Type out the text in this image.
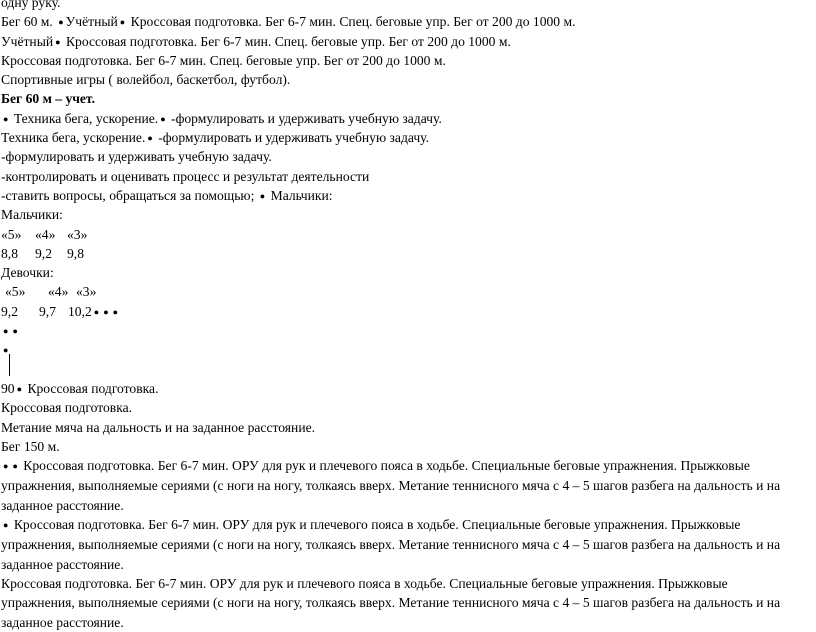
одну руку.

Бег 60 м. ● Учётный ● Кроссовая подготовка. Бег 6-7 мин. Спец. беговые упр. Бег от 200 до 1000 м.

Учётный ● Кроссовая подготовка. Бег 6-7 мин. Спец. беговые упр. Бег от 200 до 1000 м.

Кроссовая подготовка. Бег 6-7 мин. Спец. беговые упр. Бег от 200 до 1000 м.

Спортивные игры ( волейбол, баскетбол, футбол).

Бег 60 м – учет.

● Техника бега, ускорение. ● -формулировать и удерживать учебную задачу.

Техника бега, ускорение. ● -формулировать и удерживать учебную задачу.

-формулировать и удерживать учебную задачу.

-контролировать и оценивать процесс и результат деятельности

-ставить вопросы, обращаться за помощью; ● Мальчики:

Мальчики:

«5» «4» «3»

8,8 9,2 9,8

Девочки:

«5» «4» «3»

9,2 9,7 10,2 ● ● ●

● ●

●

90 ● Кроссовая подготовка.

Кроссовая подготовка.

Метание мяча на дальность и на заданное расстояние.

Бег 150 м.

● ● Кроссовая подготовка. Бег 6-7 мин. ОРУ для рук и плечевого пояса в ходьбе. Специальные беговые упражнения. Прыжковые упражнения, выполняемые сериями (с ноги на ногу, толкаясь вверх. Метание теннисного мяча с 4 – 5 шагов разбега на дальность и на заданное расстояние.

● Кроссовая подготовка. Бег 6-7 мин. ОРУ для рук и плечевого пояса в ходьбе. Специальные беговые упражнения. Прыжковые упражнения, выполняемые сериями (с ноги на ногу, толкаясь вверх. Метание теннисного мяча с 4 – 5 шагов разбега на дальность и на заданное расстояние.

Кроссовая подготовка. Бег 6-7 мин. ОРУ для рук и плечевого пояса в ходьбе. Специальные беговые упражнения. Прыжковые упражнения, выполняемые сериями (с ноги на ногу, толкаясь вверх. Метание теннисного мяча с 4 – 5 шагов разбега на дальность и на заданное расстояние.
